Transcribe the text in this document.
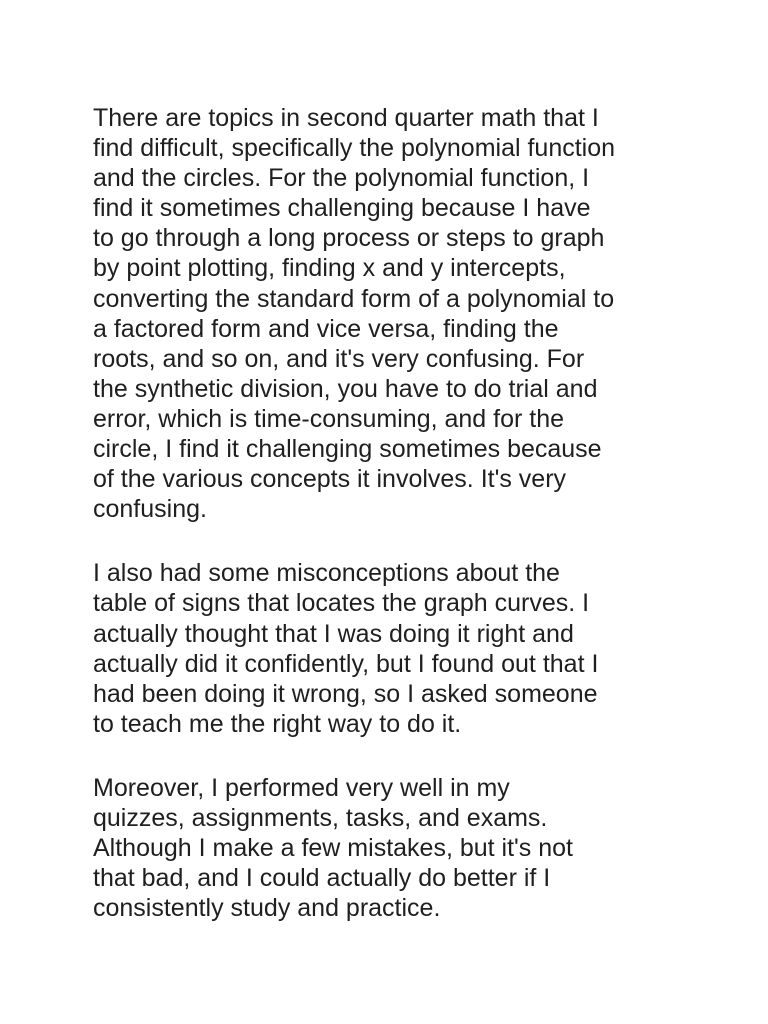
There are topics in second quarter math that I
find difficult, specifically the polynomial function
and the circles. For the polynomial function, I
find it sometimes challenging because I have
to go through a long process or steps to graph
by point plotting, finding x and y intercepts,
converting the standard form of a polynomial to
a factored form and vice versa, finding the
roots, and so on, and it's very confusing. For
the synthetic division, you have to do trial and
error, which is time-consuming, and for the
circle, I find it challenging sometimes because
of the various concepts it involves. It's very
confusing.

I also had some misconceptions about the
table of signs that locates the graph curves. I
actually thought that I was doing it right and
actually did it confidently, but I found out that I
had been doing it wrong, so I asked someone
to teach me the right way to do it.

Moreover, I performed very well in my
quizzes, assignments, tasks, and exams.
Although I make a few mistakes, but it's not
that bad, and I could actually do better if I
consistently study and practice.
